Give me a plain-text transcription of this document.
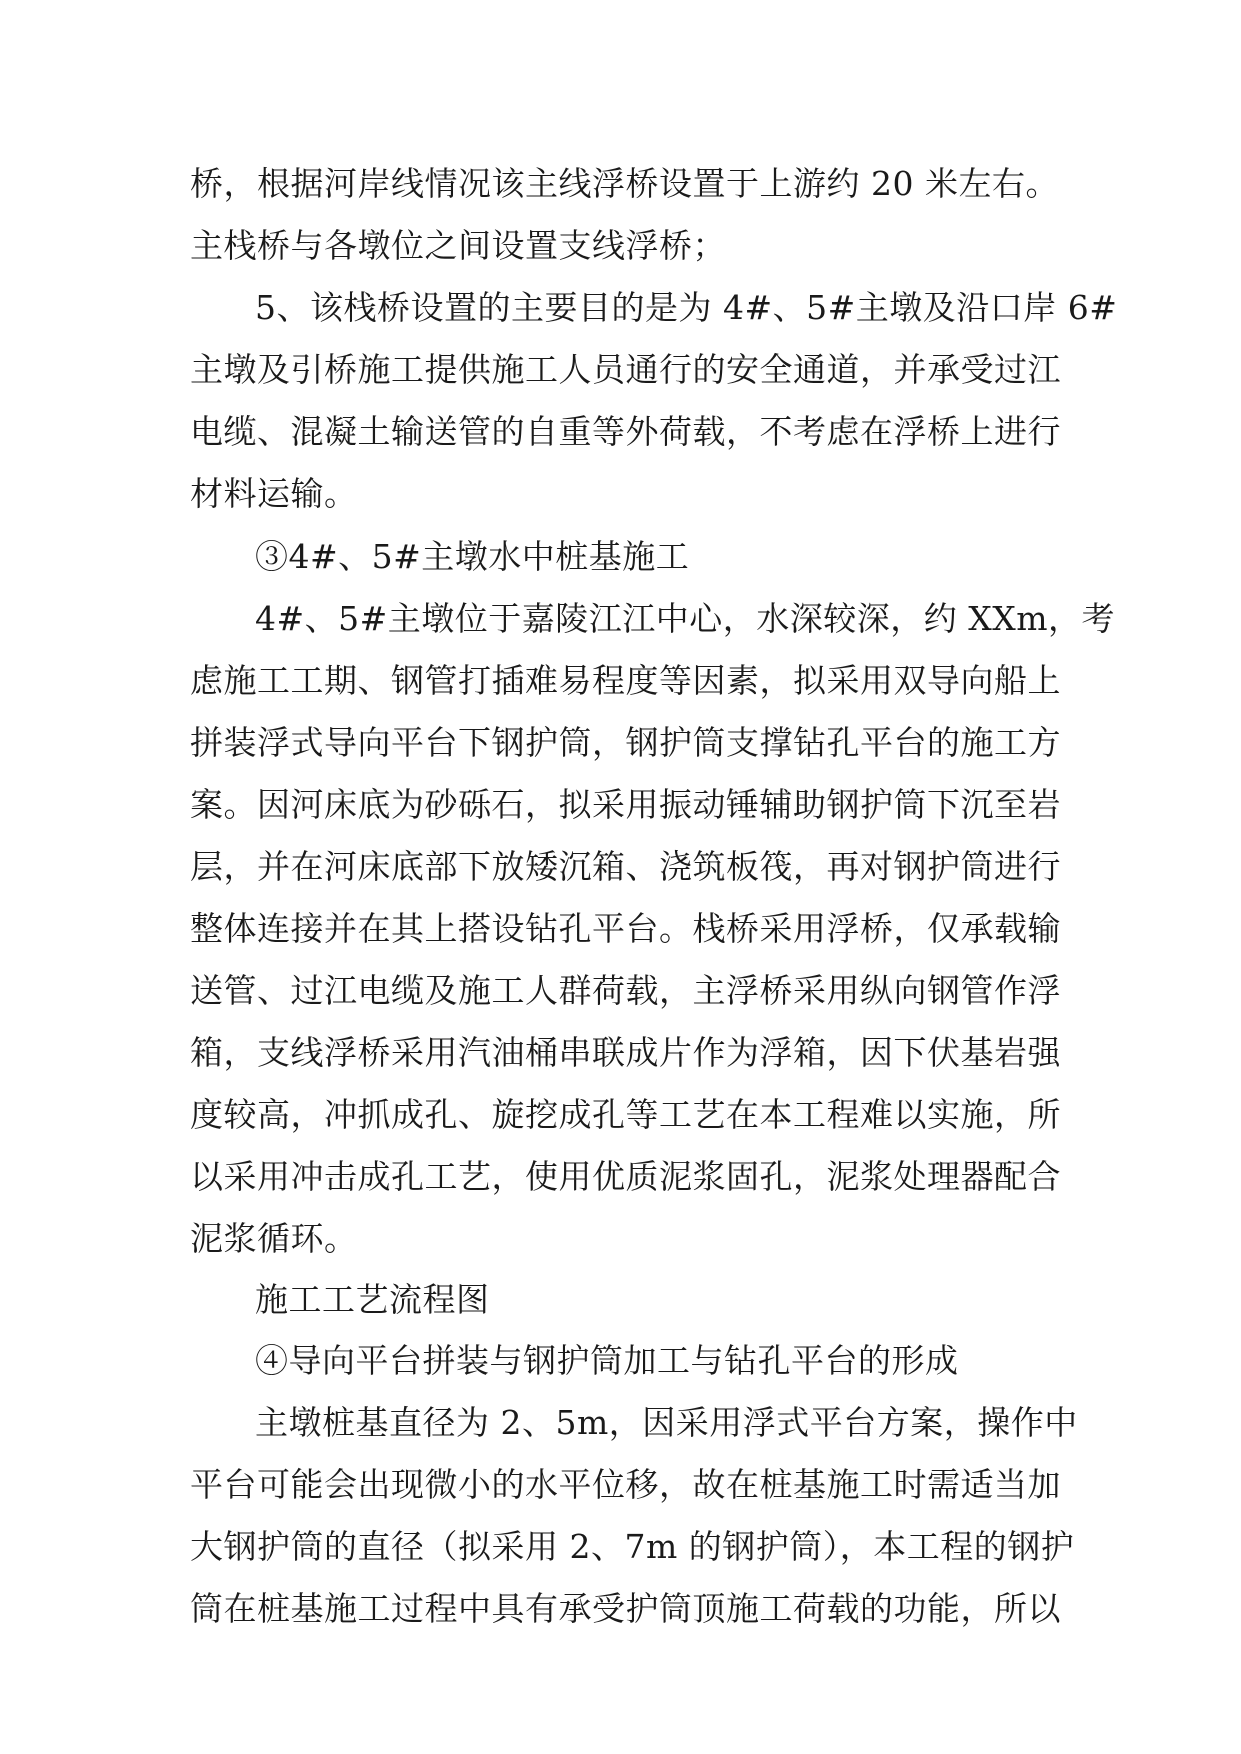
桥，根据河岸线情况该主线浮桥设置于上游约 20 米左右。
主栈桥与各墩位之间设置支线浮桥；
5、该栈桥设置的主要目的是为 4#、5#主墩及沿口岸 6#
主墩及引桥施工提供施工人员通行的安全通道，并承受过江
电缆、混凝土输送管的自重等外荷载，不考虑在浮桥上进行
材料运输。
③4#、5#主墩水中桩基施工
4#、5#主墩位于嘉陵江江中心，水深较深，约 XXm，考
虑施工工期、钢管打插难易程度等因素，拟采用双导向船上
拼装浮式导向平台下钢护筒，钢护筒支撑钻孔平台的施工方
案。因河床底为砂砾石，拟采用振动锤辅助钢护筒下沉至岩
层，并在河床底部下放矮沉箱、浇筑板筏，再对钢护筒进行
整体连接并在其上搭设钻孔平台。栈桥采用浮桥，仅承载输
送管、过江电缆及施工人群荷载，主浮桥采用纵向钢管作浮
箱，支线浮桥采用汽油桶串联成片作为浮箱，因下伏基岩强
度较高，冲抓成孔、旋挖成孔等工艺在本工程难以实施，所
以采用冲击成孔工艺，使用优质泥浆固孔，泥浆处理器配合
泥浆循环。
施工工艺流程图
④导向平台拼装与钢护筒加工与钻孔平台的形成
主墩桩基直径为 2、5m，因采用浮式平台方案，操作中
平台可能会出现微小的水平位移，故在桩基施工时需适当加
大钢护筒的直径（拟采用 2、7m 的钢护筒），本工程的钢护
筒在桩基施工过程中具有承受护筒顶施工荷载的功能，所以
